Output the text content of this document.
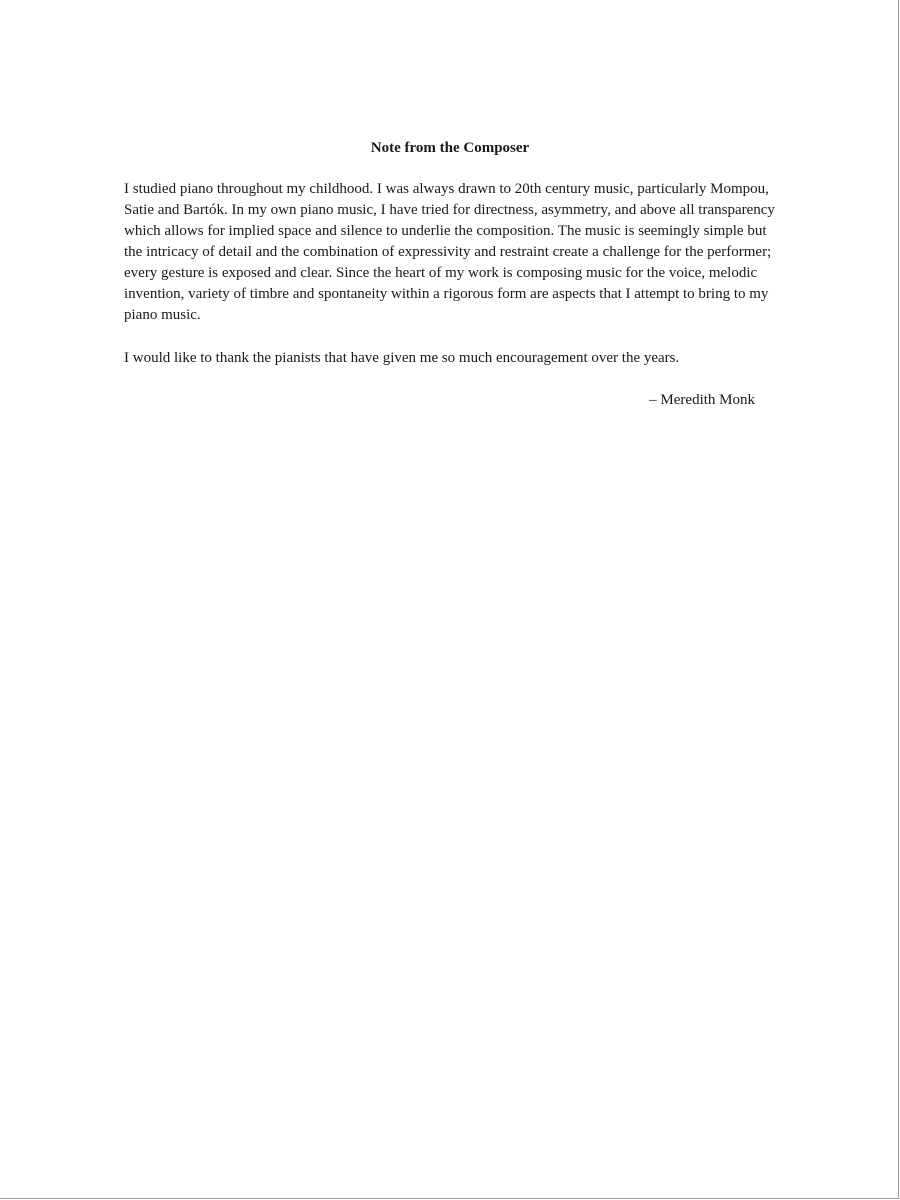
Note from the Composer

I studied piano throughout my childhood. I was always drawn to 20th century music, particularly Mompou, Satie and Bartók. In my own piano music, I have tried for directness, asymmetry, and above all transparency which allows for implied space and silence to underlie the composition. The music is seemingly simple but the intricacy of detail and the combination of expressivity and restraint create a challenge for the performer; every gesture is exposed and clear. Since the heart of my work is composing music for the voice, melodic invention, variety of timbre and spontaneity within a rigorous form are aspects that I attempt to bring to my piano music.

I would like to thank the pianists that have given me so much encouragement over the years.

– Meredith Monk
